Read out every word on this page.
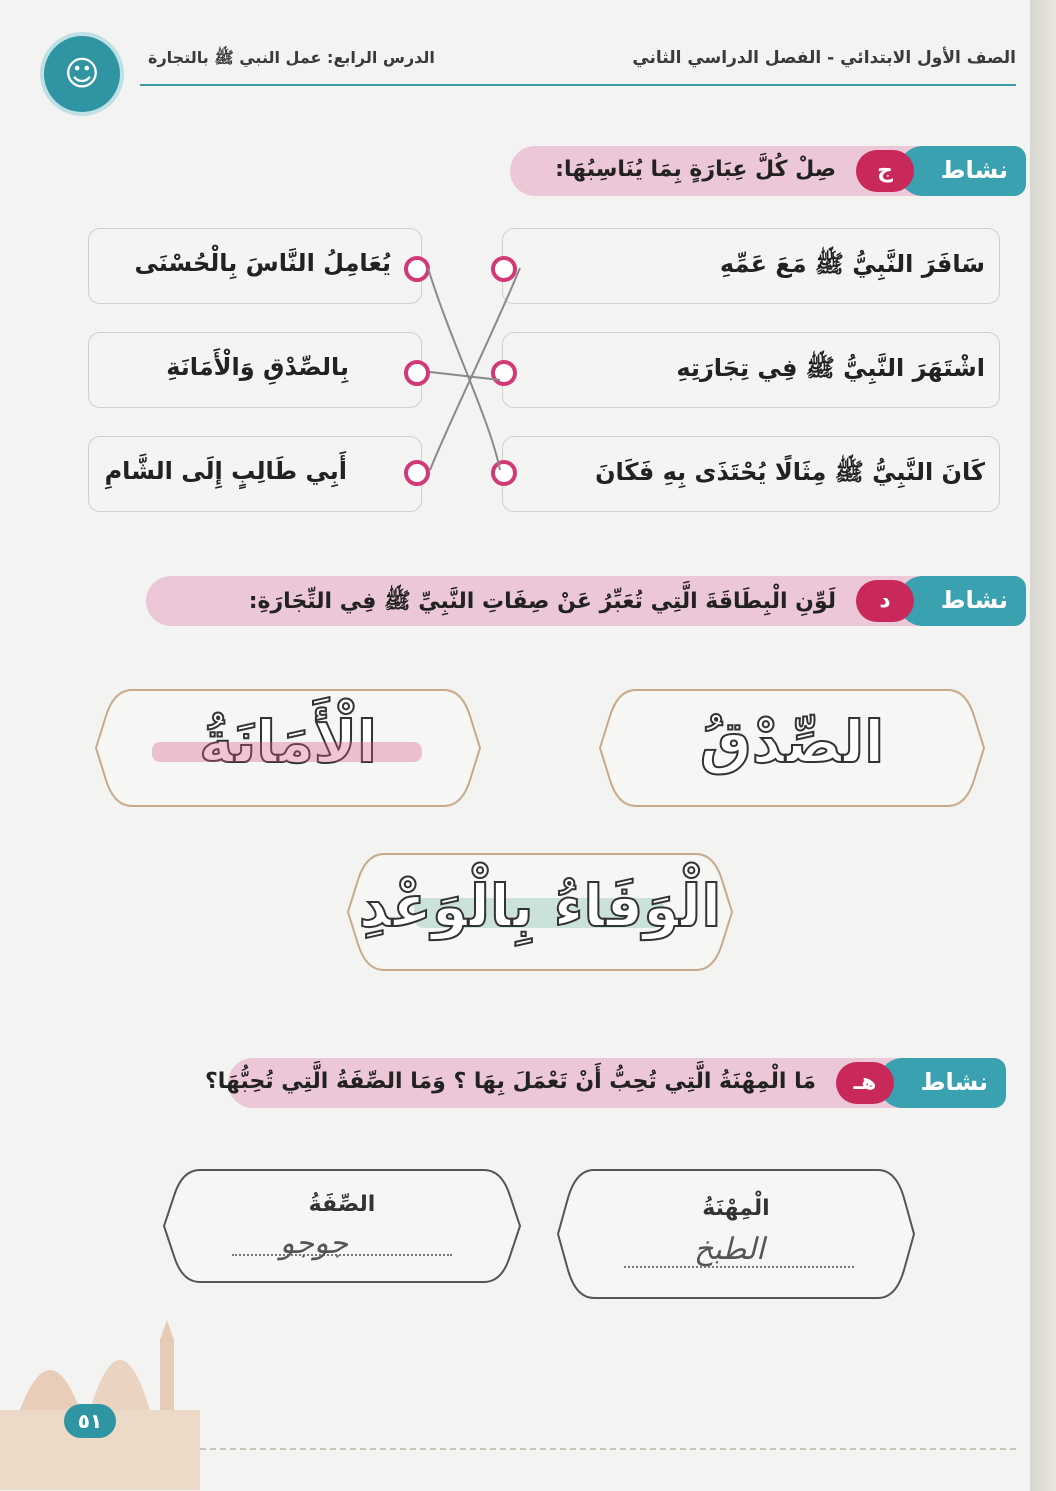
☺	الدرس الرابع: عمل النبي ﷺ بالتجارة	الصف الأول الابتدائي - الفصل الدراسي الثاني
نشاط
ج
صِلْ كُلَّ عِبَارَةٍ بِمَا يُنَاسِبُهَا:
سَافَرَ النَّبِيُّ ﷺ مَعَ عَمِّهِ
اشْتَهَرَ النَّبِيُّ ﷺ فِي تِجَارَتِهِ
كَانَ النَّبِيُّ ﷺ مِثَالًا يُحْتَذَى بِهِ فَكَانَ
يُعَامِلُ النَّاسَ بِالْحُسْنَى
بِالصِّدْقِ وَالْأَمَانَةِ
أَبِي طَالِبٍ إِلَى الشَّامِ
نشاط
د
لَوِّنِ الْبِطَاقَةَ الَّتِي تُعَبِّرُ عَنْ صِفَاتِ النَّبِيِّ ﷺ فِي التِّجَارَةِ:
الصِّدْقُ
الْأَمَانَةُ
الْوَفَاءُ بِالْوَعْدِ
نشاط
هـ
مَا الْمِهْنَةُ الَّتِي تُحِبُّ أَنْ تَعْمَلَ بِهَا ؟ وَمَا الصِّفَةُ الَّتِي تُحِبُّهَا؟
الْمِهْنَةُ
الطبخ
الصِّفَةُ
جوجو
٥١
